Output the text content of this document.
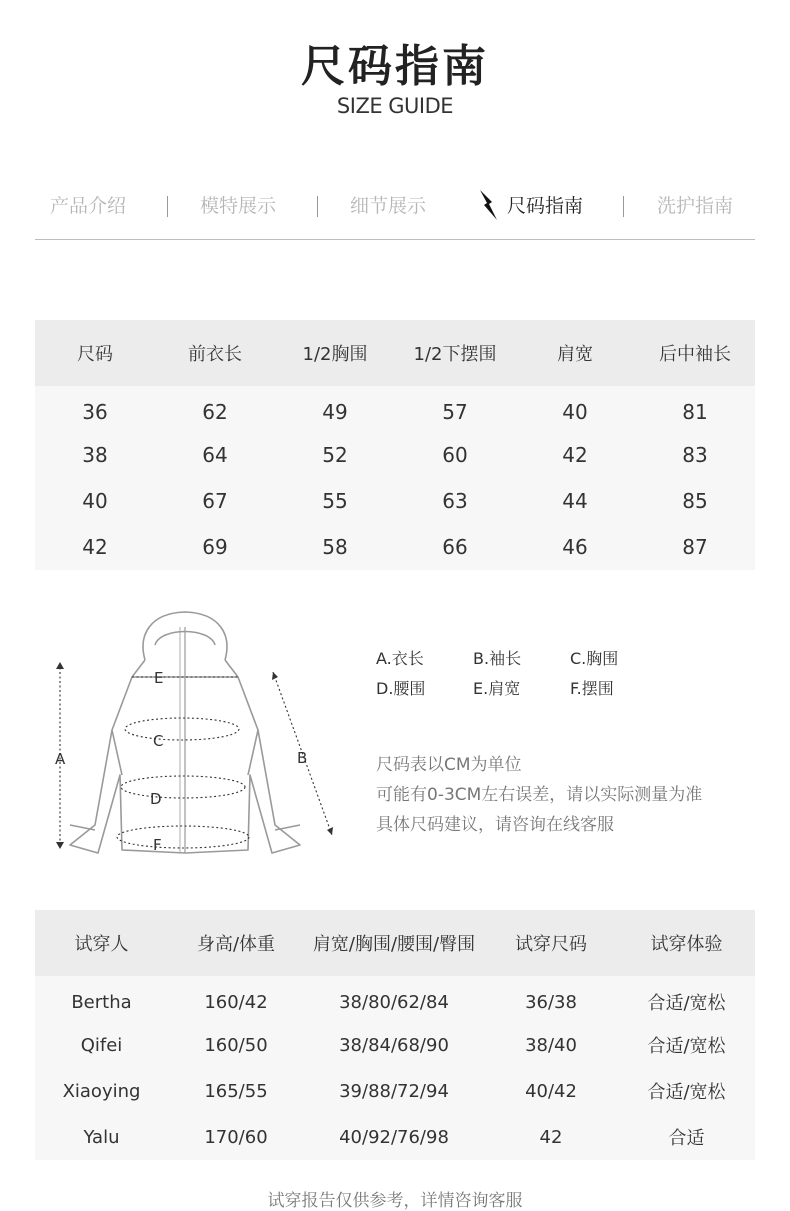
尺码指南
SIZE GUIDE
产品介绍	模特展示	细节展示	尺码指南	洗护指南
尺码	前衣长	1/2胸围	1/2下摆围	肩宽	后中袖长
36	62	49	57	40	81
38	64	52	60	42	83
40	67	55	63	44	85
42	69	58	66	46	87
A	B
C
D
E
F
A.衣长	B.袖长	C.胸围
D.腰围	E.肩宽	F.摆围
尺码表以CM为单位
可能有0-3CM左右误差，请以实际测量为准
具体尺码建议，请咨询在线客服
试穿人	身高/体重	肩宽/胸围/腰围/臀围	试穿尺码	试穿体验
Bertha	160/42	38/80/62/84	36/38	合适/宽松
Qifei	160/50	38/84/68/90	38/40	合适/宽松
Xiaoying	165/55	39/88/72/94	40/42	合适/宽松
Yalu	170/60	40/92/76/98	42	合适
试穿报告仅供参考，详情咨询客服
